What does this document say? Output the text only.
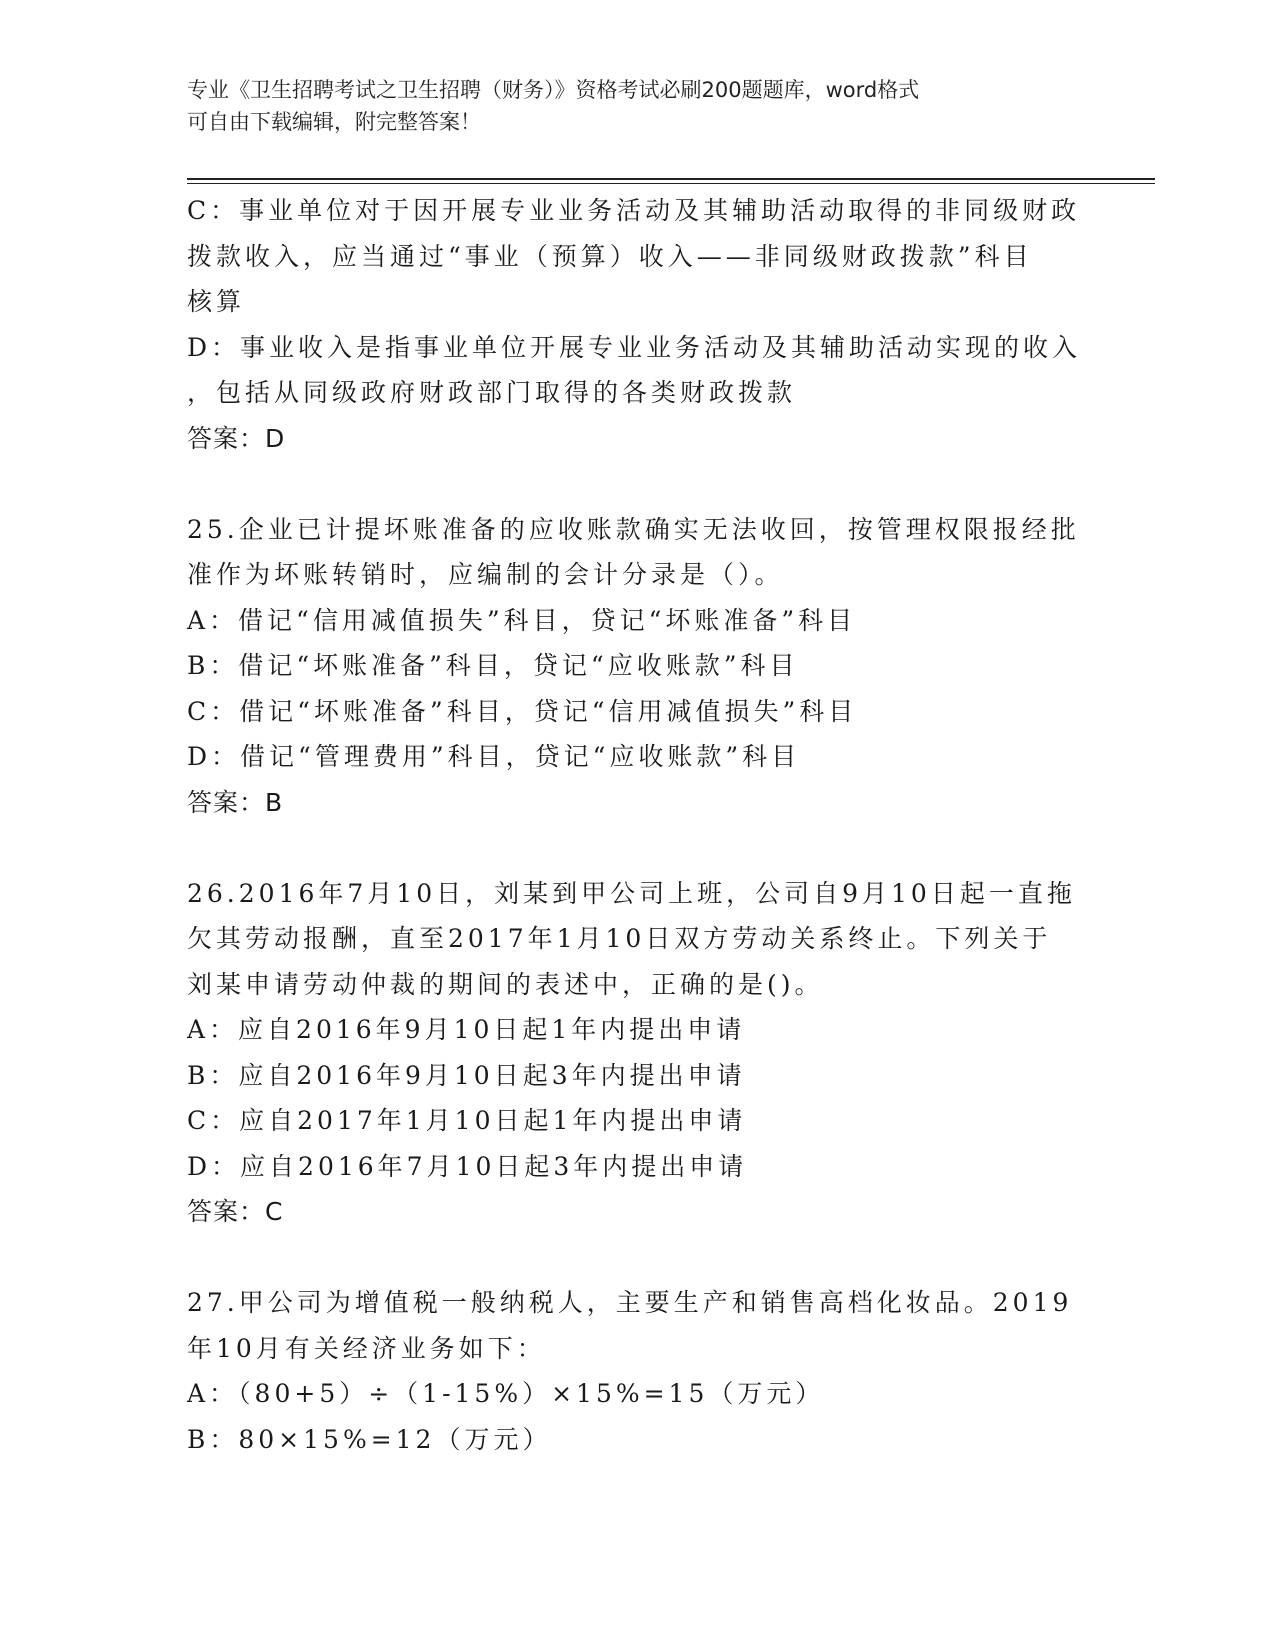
专业《卫生招聘考试之卫生招聘（财务）》资格考试必刷200题题库，word格式
可自由下载编辑，附完整答案！
C：事业单位对于因开展专业业务活动及其辅助活动取得的非同级财政
拨款收入，应当通过“事业（预算）收入——非同级财政拨款”科目
核算
D：事业收入是指事业单位开展专业业务活动及其辅助活动实现的收入
，包括从同级政府财政部门取得的各类财政拨款
答案：D
25.企业已计提坏账准备的应收账款确实无法收回，按管理权限报经批
准作为坏账转销时，应编制的会计分录是（）。
A：借记“信用减值损失”科目，贷记“坏账准备”科目
B：借记“坏账准备”科目，贷记“应收账款”科目
C：借记“坏账准备”科目，贷记“信用减值损失”科目
D：借记“管理费用”科目，贷记“应收账款”科目
答案：B
26.2016年7月10日，刘某到甲公司上班，公司自9月10日起一直拖
欠其劳动报酬，直至2017年1月10日双方劳动关系终止。下列关于
刘某申请劳动仲裁的期间的表述中，正确的是()。
A：应自2016年9月10日起1年内提出申请
B：应自2016年9月10日起3年内提出申请
C：应自2017年1月10日起1年内提出申请
D：应自2016年7月10日起3年内提出申请
答案：C
27.甲公司为增值税一般纳税人，主要生产和销售高档化妆品。2019
年10月有关经济业务如下：
A：（80+5）÷（1-15%）×15%=15（万元）
B：80×15%=12（万元）
